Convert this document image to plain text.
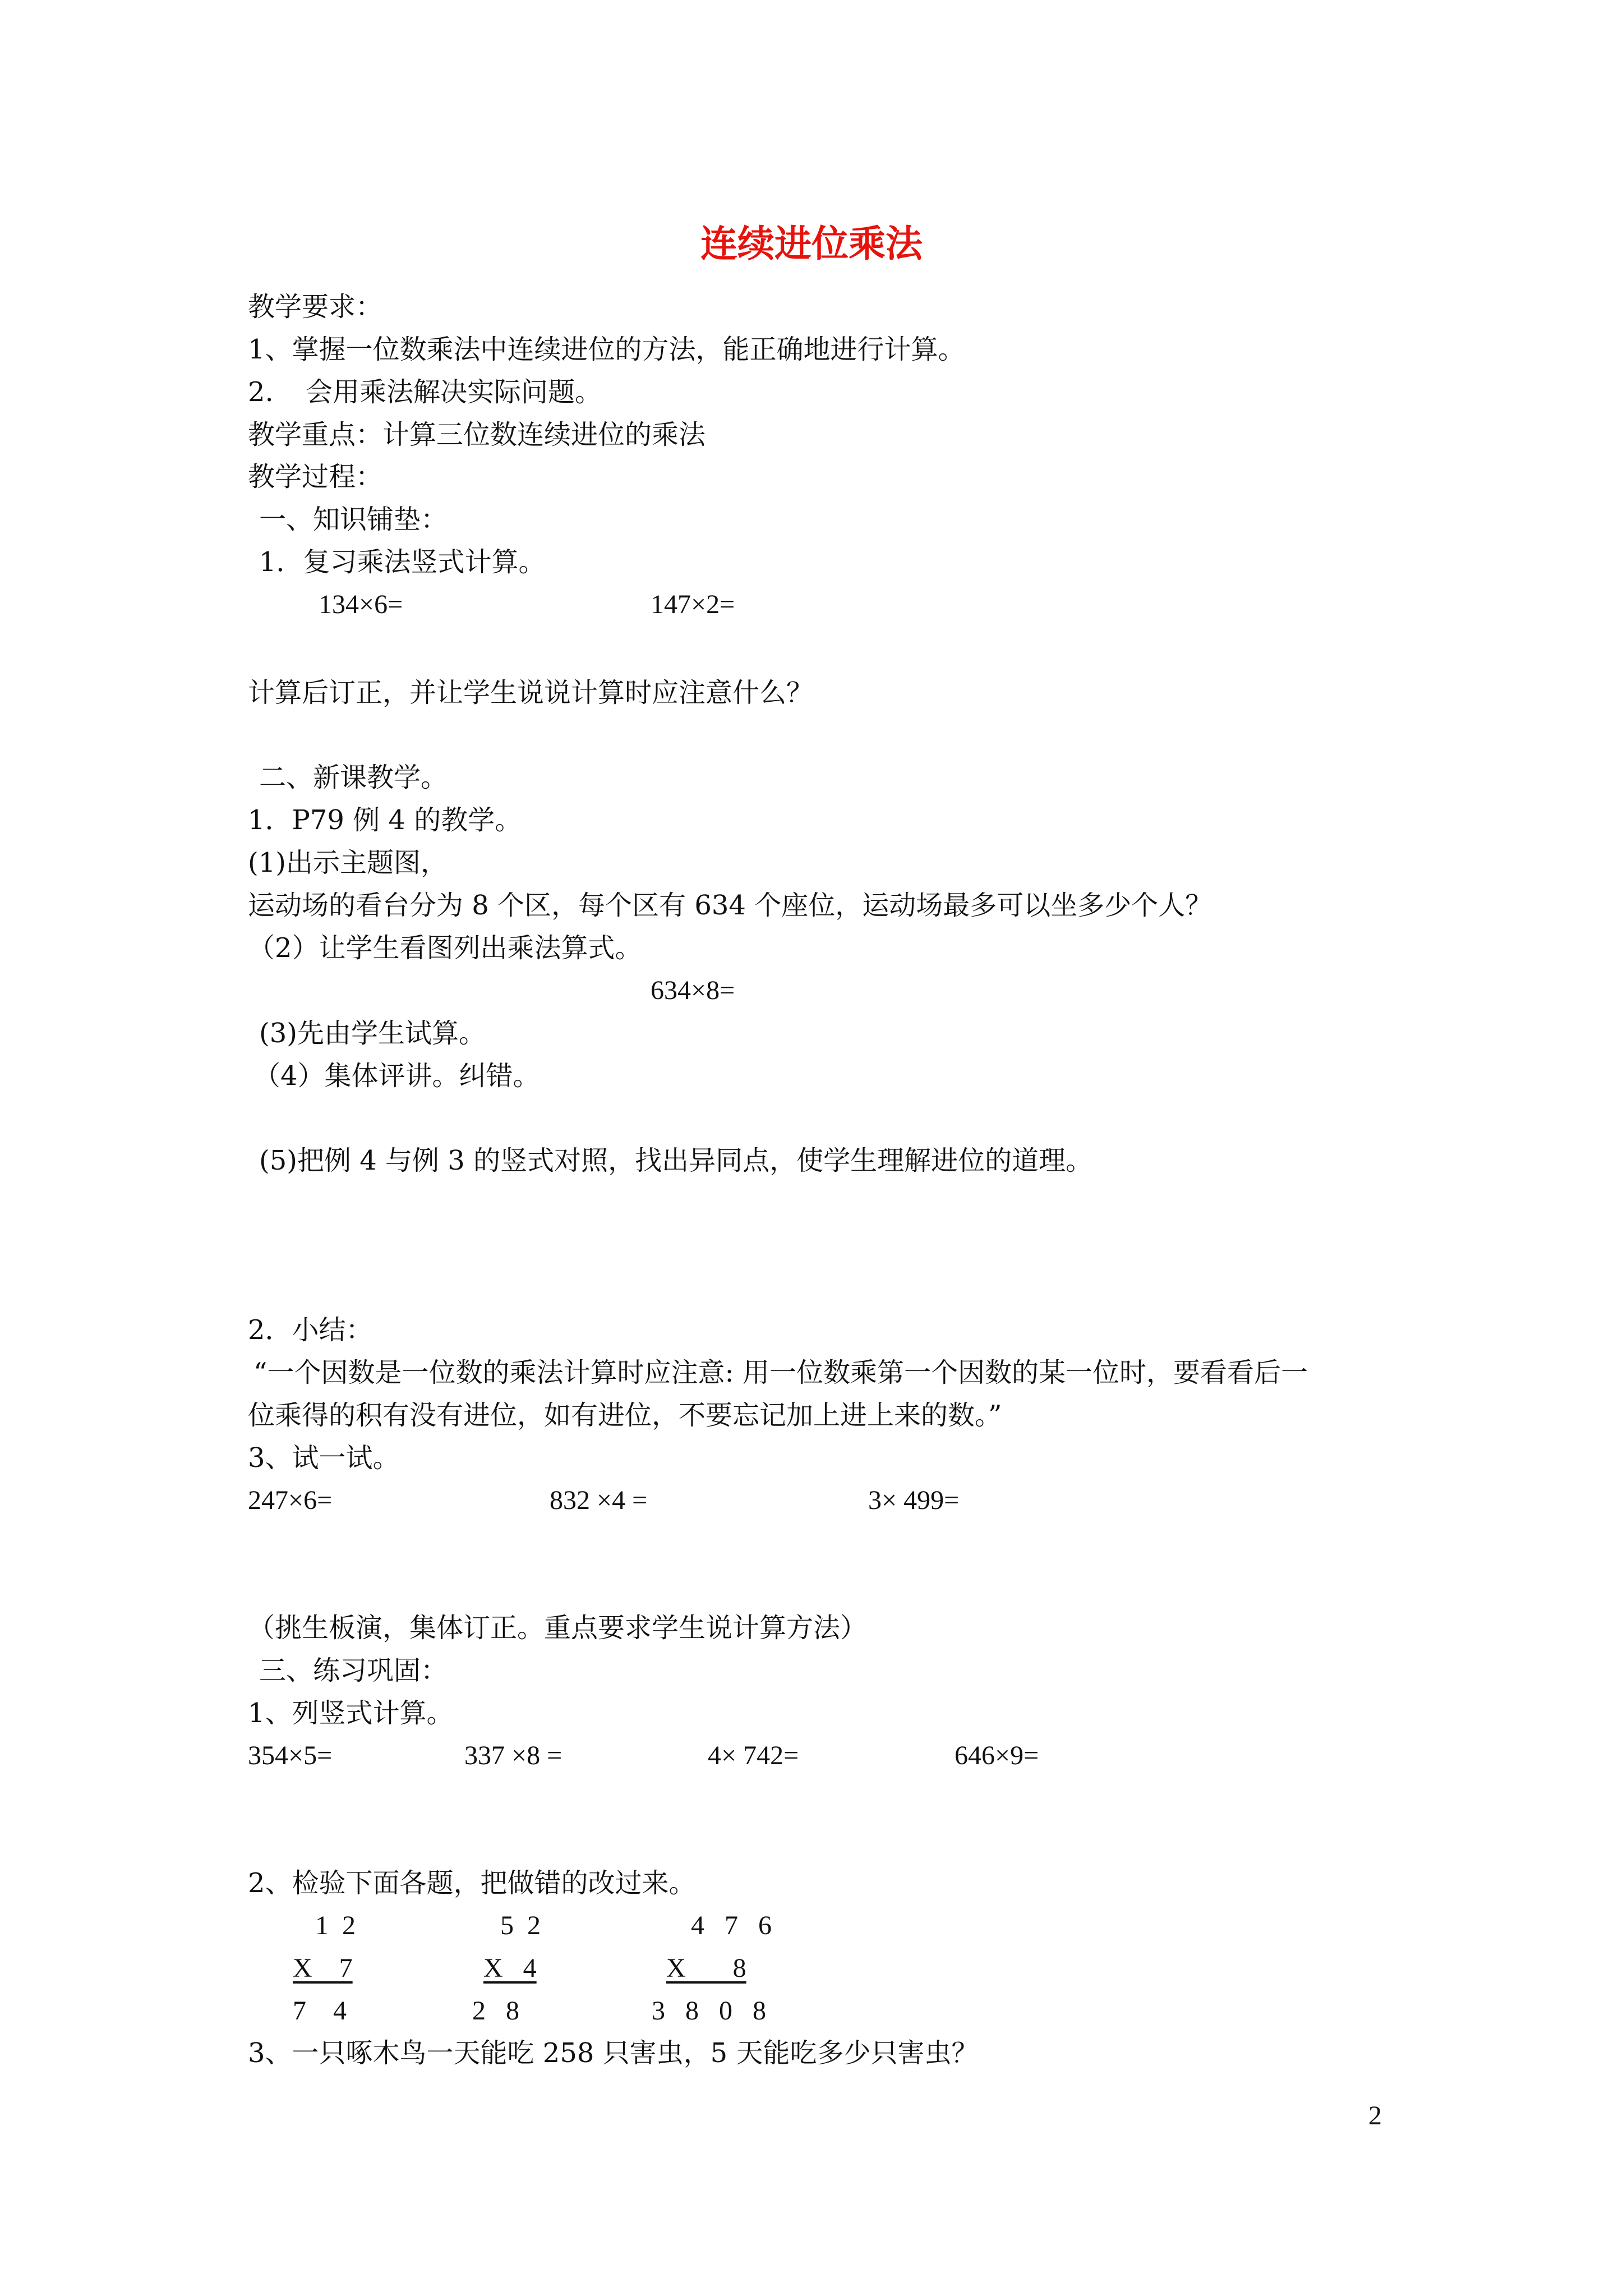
连续进位乘法
教学要求：
1、掌握一位数乘法中连续进位的方法，能正确地进行计算。
2. 会用乘法解决实际问题。
教学重点：计算三位数连续进位的乘法
教学过程：
一、知识铺垫：
1．复习乘法竖式计算。
134×6=	147×2=
计算后订正，并让学生说说计算时应注意什么？
二、新课教学。
1．P79 例 4 的教学。
(1)出示主题图，
运动场的看台分为 8 个区，每个区有 634 个座位，运动场最多可以坐多少个人？
（2）让学生看图列出乘法算式。
634×8=
(3)先由学生试算。
（4）集体评讲。纠错。
(5)把例 4 与例 3 的竖式对照，找出异同点，使学生理解进位的道理。
2．小结：
“一个因数是一位数的乘法计算时应注意: 用一位数乘第一个因数的某一位时，要看看后一
位乘得的积有没有进位，如有进位，不要忘记加上进上来的数。”
3、试一试。
247×6=	832 ×4 =	3× 499=
（挑生板演，集体订正。重点要求学生说计算方法）
三、练习巩固：
1、列竖式计算。
354×5=	337 ×8 =	4× 742=	646×9=
2、检验下面各题，把做错的改过来。
1  2
X    7
7    4
5  2
X   4
2   8
4   7   6
X       8
3   8   0   8
3、一只啄木鸟一天能吃 258 只害虫，5 天能吃多少只害虫？
2
